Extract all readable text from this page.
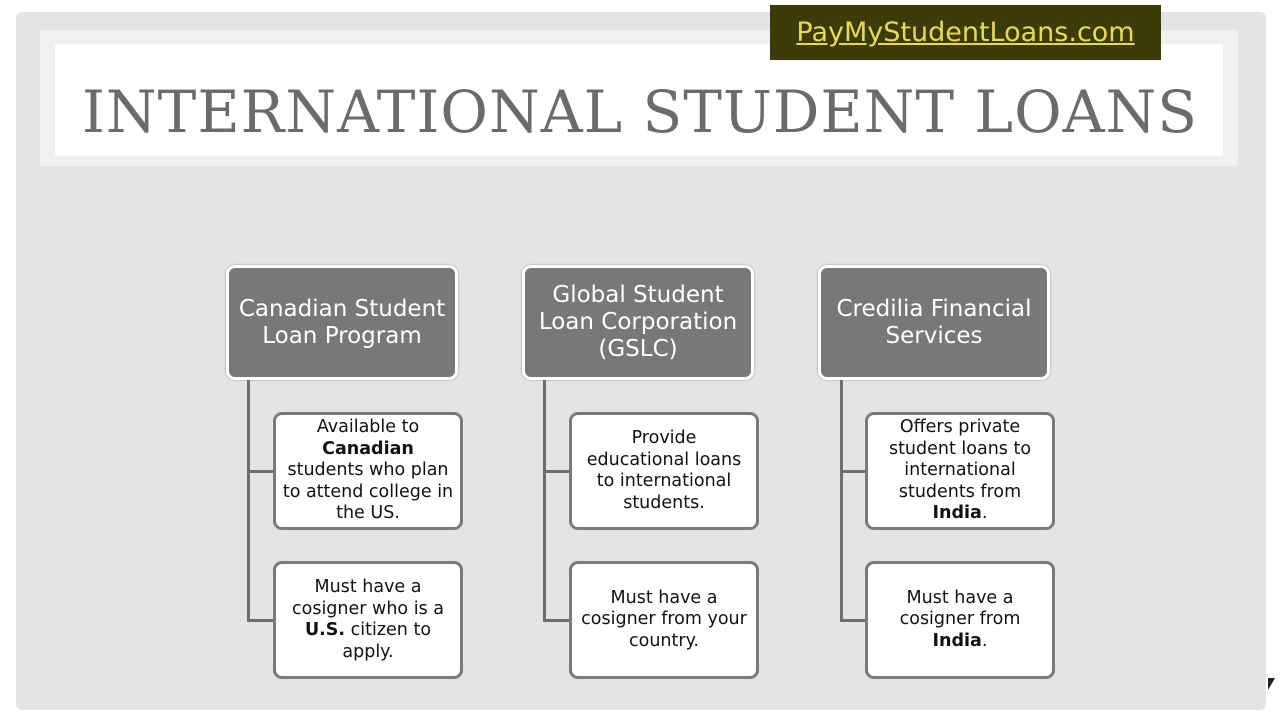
INTERNATIONAL STUDENT LOANS
PayMyStudentLoans.com
Canadian Student Loan Program
Available to Canadian students who plan to attend college in the US.
Must have a cosigner who is a U.S. citizen to apply.
Global Student Loan Corporation (GSLC)
Provide educational loans to international students.
Must have a cosigner from your country.
Credilia Financial Services
Offers private student loans to international students from India.
Must have a cosigner from India.
